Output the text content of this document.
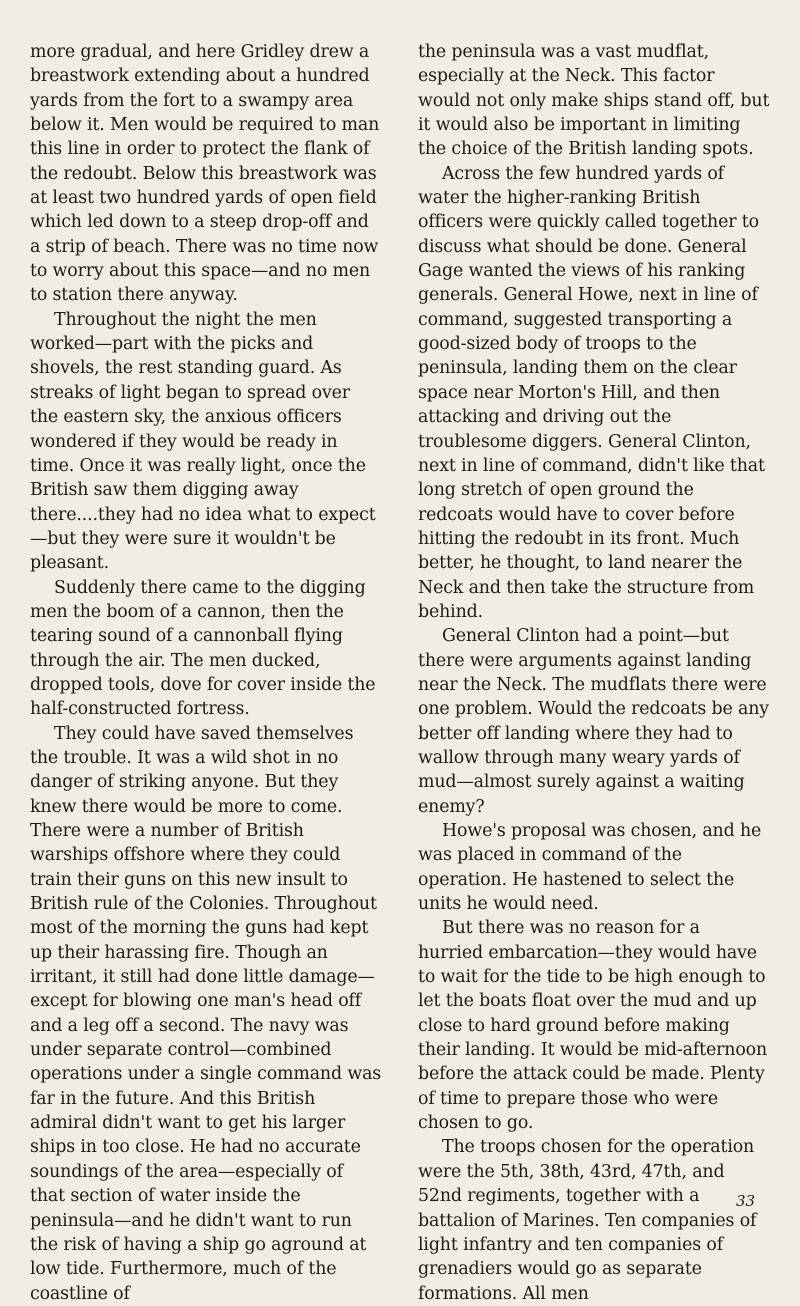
more gradual, and here Gridley drew a breastwork extending about a hundred yards from the fort to a swampy area below it. Men would be required to man this line in order to protect the flank of the redoubt. Below this breastwork was at least two hundred yards of open field which led down to a steep drop-off and a strip of beach. There was no time now to worry about this space—and no men to station there anyway.

Throughout the night the men worked—part with the picks and shovels, the rest standing guard. As streaks of light began to spread over the eastern sky, the anxious officers wondered if they would be ready in time. Once it was really light, once the British saw them digging away there....they had no idea what to expect—but they were sure it wouldn't be pleasant.

Suddenly there came to the digging men the boom of a cannon, then the tearing sound of a cannonball flying through the air. The men ducked, dropped tools, dove for cover inside the half-constructed fortress.

They could have saved themselves the trouble. It was a wild shot in no danger of striking anyone. But they knew there would be more to come. There were a number of British warships offshore where they could train their guns on this new insult to British rule of the Colonies. Throughout most of the morning the guns had kept up their harassing fire. Though an irritant, it still had done little damage—except for blowing one man's head off and a leg off a second. The navy was under separate control—combined operations under a single command was far in the future. And this British admiral didn't want to get his larger ships in too close. He had no accurate soundings of the area—especially of that section of water inside the peninsula—and he didn't want to run the risk of having a ship go aground at low tide. Furthermore, much of the coastline of

the peninsula was a vast mudflat, especially at the Neck. This factor would not only make ships stand off, but it would also be important in limiting the choice of the British landing spots.

Across the few hundred yards of water the higher-ranking British officers were quickly called together to discuss what should be done. General Gage wanted the views of his ranking generals. General Howe, next in line of command, suggested transporting a good-sized body of troops to the peninsula, landing them on the clear space near Morton's Hill, and then attacking and driving out the troublesome diggers. General Clinton, next in line of command, didn't like that long stretch of open ground the redcoats would have to cover before hitting the redoubt in its front. Much better, he thought, to land nearer the Neck and then take the structure from behind.

General Clinton had a point—but there were arguments against landing near the Neck. The mudflats there were one problem. Would the redcoats be any better off landing where they had to wallow through many weary yards of mud—almost surely against a waiting enemy?

Howe's proposal was chosen, and he was placed in command of the operation. He hastened to select the units he would need.

But there was no reason for a hurried embarcation—they would have to wait for the tide to be high enough to let the boats float over the mud and up close to hard ground before making their landing. It would be mid-afternoon before the attack could be made. Plenty of time to prepare those who were chosen to go.

The troops chosen for the operation were the 5th, 38th, 43rd, 47th, and 52nd regiments, together with a battalion of Marines. Ten companies of light infantry and ten companies of grenadiers would go as separate formations. All men

33
